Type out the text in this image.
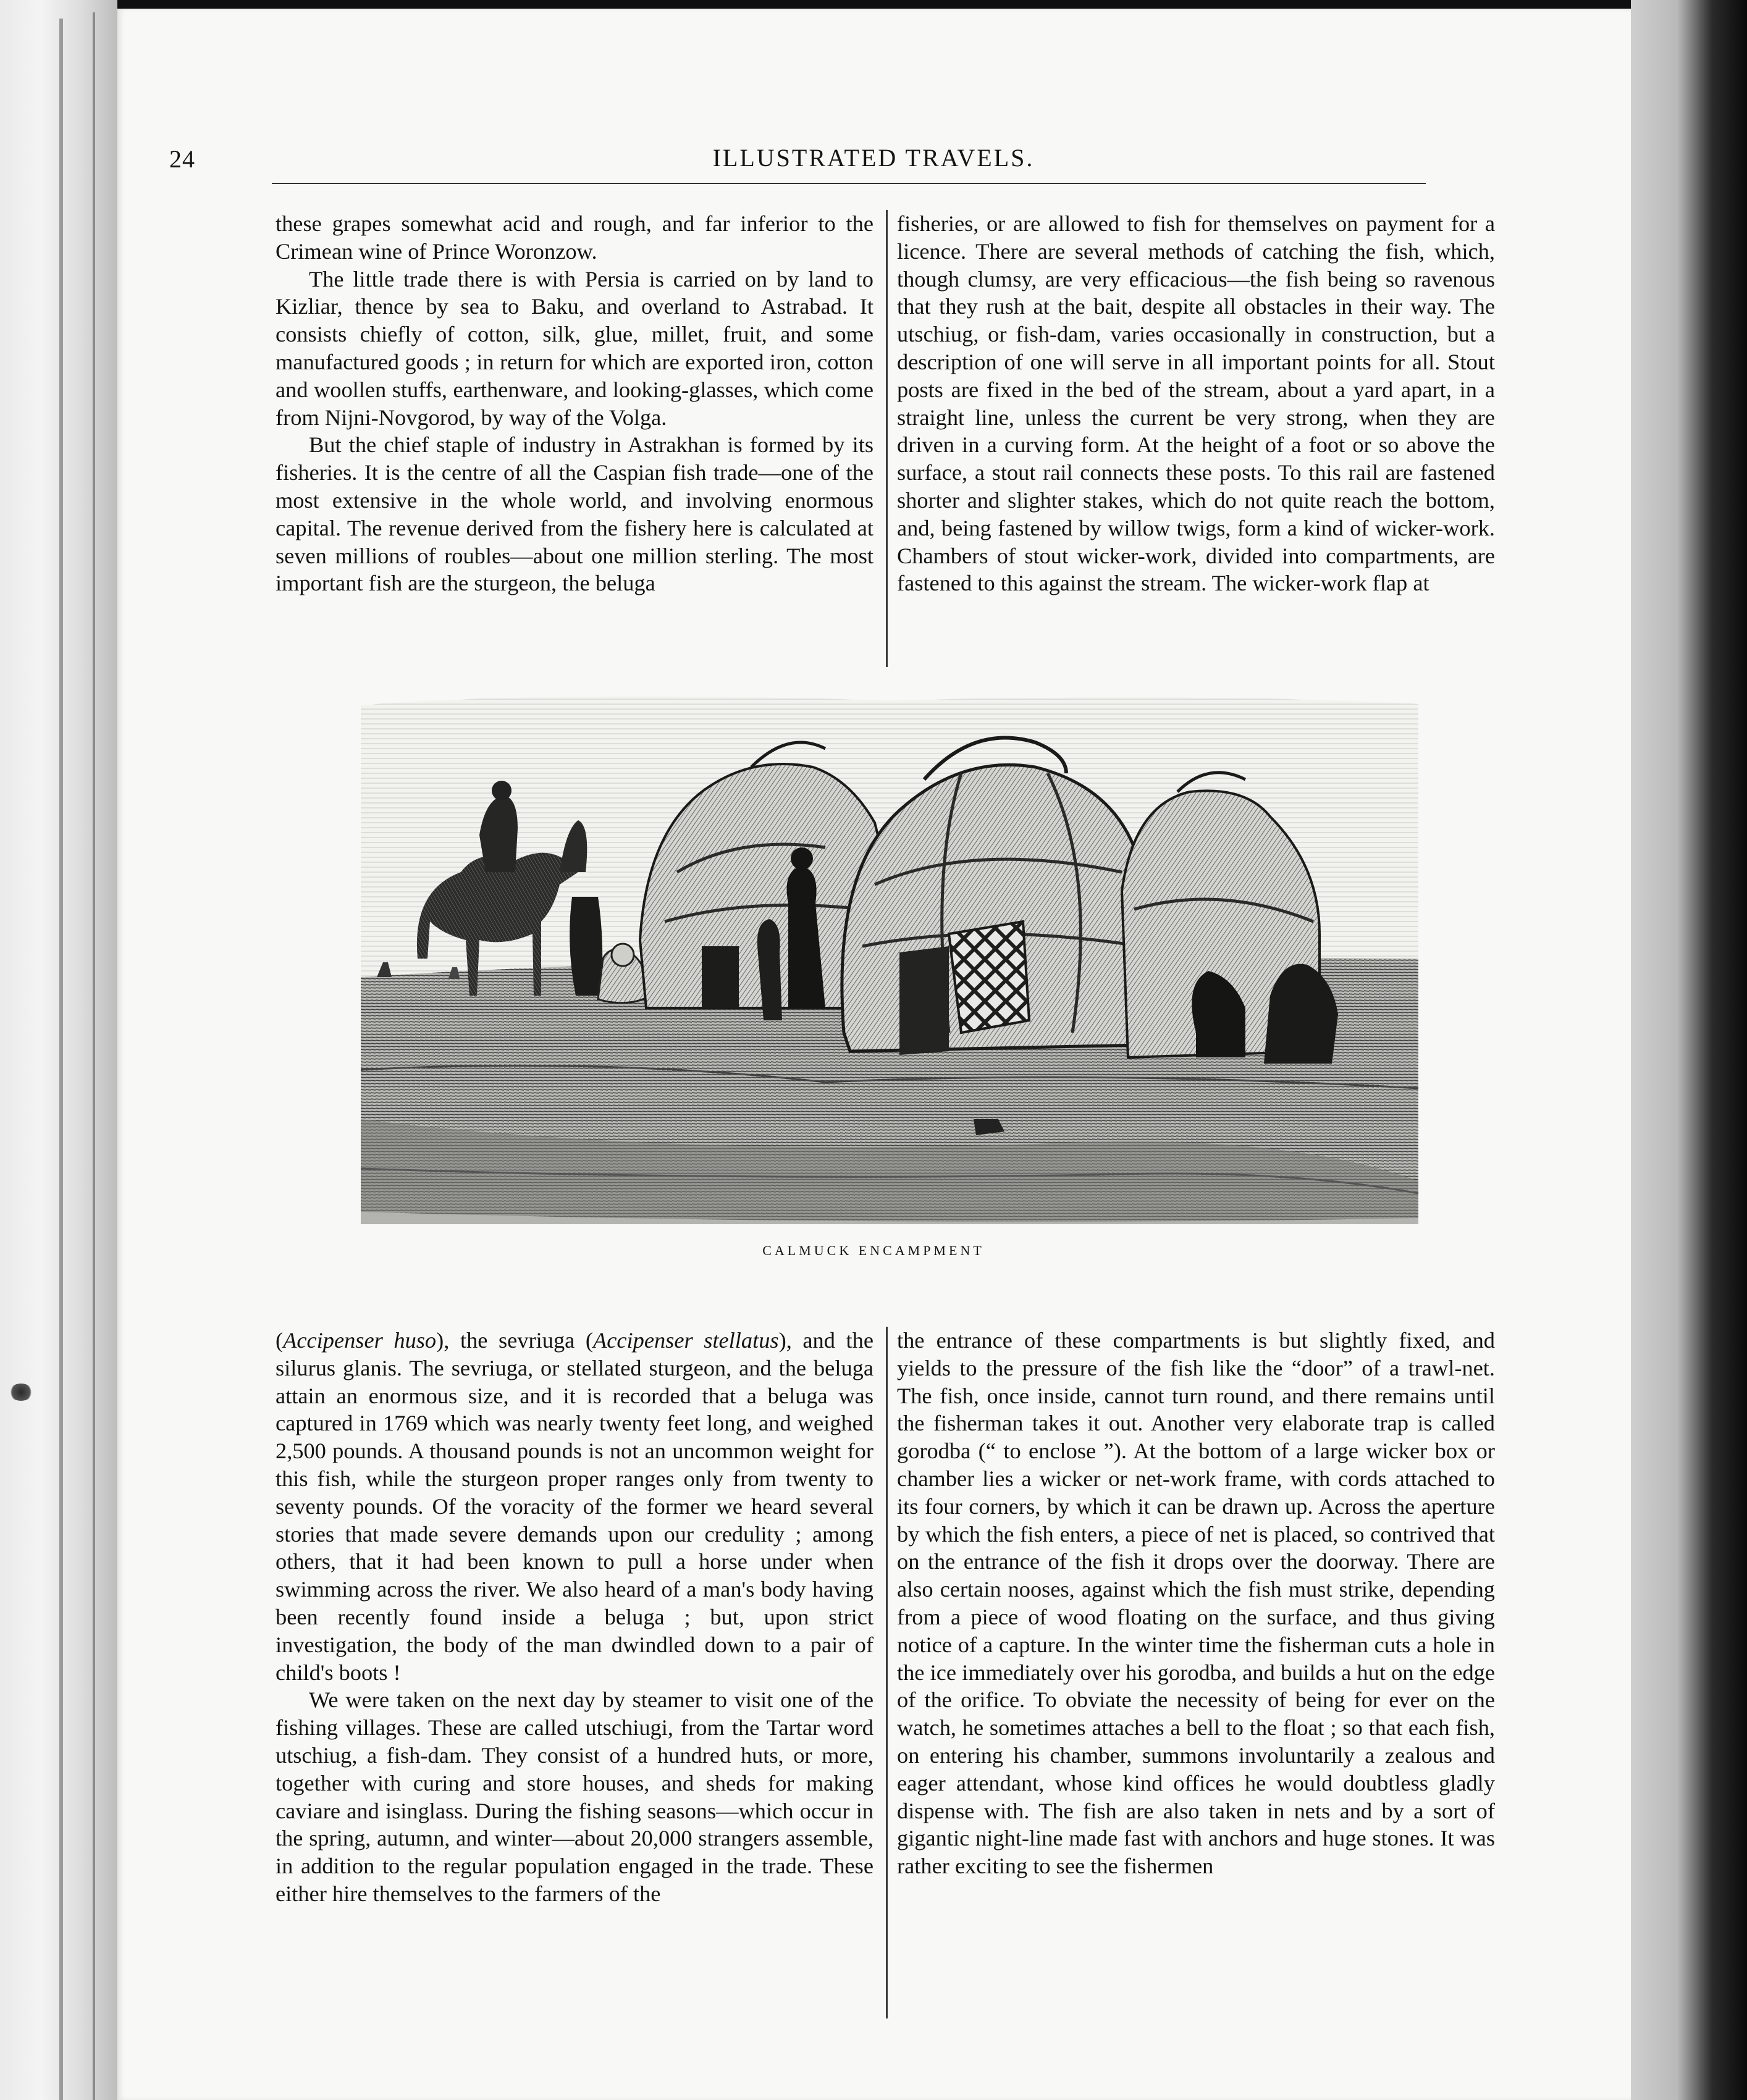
24	ILLUSTRATED TRAVELS.

these grapes somewhat acid and rough, and far inferior to the Crimean wine of Prince Woronzow.

The little trade there is with Persia is carried on by land to Kizliar, thence by sea to Baku, and overland to Astrabad. It consists chiefly of cotton, silk, glue, millet, fruit, and some manufactured goods ; in return for which are exported iron, cotton and woollen stuffs, earthenware, and looking-glasses, which come from Nijni-Novgorod, by way of the Volga.

But the chief staple of industry in Astrakhan is formed by its fisheries. It is the centre of all the Caspian fish trade—one of the most extensive in the whole world, and involving enormous capital. The revenue derived from the fishery here is calculated at seven millions of roubles—about one million sterling. The most important fish are the sturgeon, the beluga

fisheries, or are allowed to fish for themselves on payment for a licence. There are several methods of catching the fish, which, though clumsy, are very efficacious—the fish being so ravenous that they rush at the bait, despite all obstacles in their way. The utschiug, or fish-dam, varies occasionally in construction, but a description of one will serve in all important points for all. Stout posts are fixed in the bed of the stream, about a yard apart, in a straight line, unless the current be very strong, when they are driven in a curving form. At the height of a foot or so above the surface, a stout rail connects these posts. To this rail are fastened shorter and slighter stakes, which do not quite reach the bottom, and, being fastened by willow twigs, form a kind of wicker-work. Chambers of stout wicker-work, divided into compartments, are fastened to this against the stream. The wicker-work flap at

CALMUCK ENCAMPMENT

(Accipenser huso), the sevriuga (Accipenser stellatus), and the silurus glanis. The sevriuga, or stellated sturgeon, and the beluga attain an enormous size, and it is recorded that a beluga was captured in 1769 which was nearly twenty feet long, and weighed 2,500 pounds. A thousand pounds is not an uncommon weight for this fish, while the sturgeon proper ranges only from twenty to seventy pounds. Of the voracity of the former we heard several stories that made severe demands upon our credulity ; among others, that it had been known to pull a horse under when swimming across the river. We also heard of a man's body having been recently found inside a beluga ; but, upon strict investigation, the body of the man dwindled down to a pair of child's boots !

We were taken on the next day by steamer to visit one of the fishing villages. These are called utschiugi, from the Tartar word utschiug, a fish-dam. They consist of a hundred huts, or more, together with curing and store houses, and sheds for making caviare and isinglass. During the fishing seasons—which occur in the spring, autumn, and winter—about 20,000 strangers assemble, in addition to the regular population engaged in the trade. These either hire themselves to the farmers of the

the entrance of these compartments is but slightly fixed, and yields to the pressure of the fish like the “door” of a trawl-net. The fish, once inside, cannot turn round, and there remains until the fisherman takes it out. Another very elaborate trap is called gorodba (“ to enclose ”). At the bottom of a large wicker box or chamber lies a wicker or net-work frame, with cords attached to its four corners, by which it can be drawn up. Across the aperture by which the fish enters, a piece of net is placed, so contrived that on the entrance of the fish it drops over the doorway. There are also certain nooses, against which the fish must strike, depending from a piece of wood floating on the surface, and thus giving notice of a capture. In the winter time the fisherman cuts a hole in the ice immediately over his gorodba, and builds a hut on the edge of the orifice. To obviate the necessity of being for ever on the watch, he sometimes attaches a bell to the float ; so that each fish, on entering his chamber, summons involuntarily a zealous and eager attendant, whose kind offices he would doubtless gladly dispense with. The fish are also taken in nets and by a sort of gigantic night-line made fast with anchors and huge stones. It was rather exciting to see the fishermen
